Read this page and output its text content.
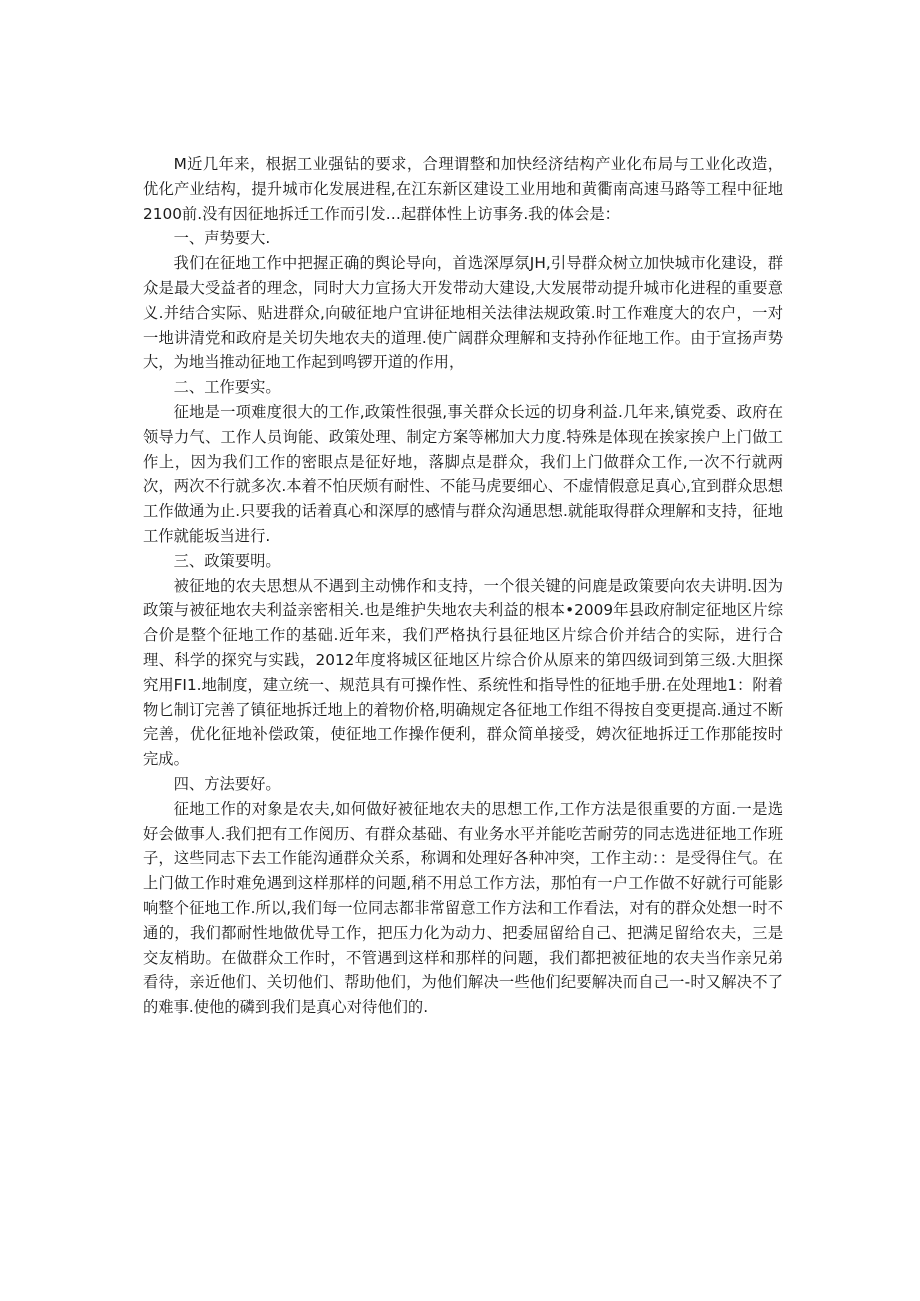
M近几年来，根据工业强钻的要求，合理谓整和加快经济结构产业化布局与工业化改造，优化产业结构，提升城市化发展进程,在江东新区建设工业用地和黄衢南高速马路等工程中征地2100前.没有因征地拆迁工作而引发…起群体性上访事务.我的体会是：

一、声势要大.

我们在征地工作中把握正确的舆论导向，首选深厚氛JH,引导群众树立加快城市化建设，群众是最大受益者的理念，同时大力宣扬大开发带动大建设,大发展带动提升城市化进程的重要意义.并结合实际、贴进群众,向破征地户宜讲征地相关法律法规政策.时工作难度大的农户，一对一地讲清党和政府是关切失地农夫的道理.使广阔群众理解和支持孙作征地工作。由于宣扬声势大，为地当推动征地工作起到鸣锣开道的作用，

二、工作要实。

征地是一项难度很大的工作,政策性很强,事关群众长远的切身利益.几年来,镇党委、政府在领导力气、工作人员询能、政策处理、制定方案等郴加大力度.特殊是体现在挨家挨户上门做工作上，因为我们工作的密眼点是征好地，落脚点是群众，我们上门做群众工作,一次不行就两次，两次不行就多次.本着不怕厌烦有耐性、不能马虎要细心、不虚情假意足真心,宜到群众思想工作做通为止.只要我的话着真心和深厚的感情与群众沟通思想.就能取得群众理解和支持，征地工作就能坂当进行.

三、政策要明。

被征地的农夫思想从不遇到主动怫作和支持，一个很关键的问鹿是政策要向农夫讲明.因为政策与被征地农夫利益亲密相关.也是维护失地农夫利益的根本•2009年县政府制定征地区片综合价是整个征地工作的基础.近年来，我们严格执行县征地区片综合价并结合的实际，进行合理、科学的探究与实践，2012年度将城区征地区片综合价从原来的第四级词到第三级.大胆探究用FI1.地制度，建立统一、规范具有可操作性、系统性和指导性的征地手册.在处理地1：附着物匕制订完善了镇征地拆迁地上的着物价格,明确规定各征地工作组不得按自变更提高.通过不断完善，优化征地补偿政策，使征地工作操作便利，群众简单接受，娉次征地拆迂工作那能按时完成。

四、方法要好。

征地工作的对象是农夫,如何做好被征地农夫的思想工作,工作方法是很重要的方面.一是选好会做事人.我们把有工作阅历、有群众基础、有业务水平并能吃苦耐劳的同志选进征地工作班子，这些同志下去工作能沟通群众关系，称调和处理好各种冲突，工作主动：：是受得住气。在上门做工作时难免遇到这样那样的问题,稍不用总工作方法，那怕有一户工作做不好就行可能影响整个征地工作.所以,我们每一位同志都非常留意工作方法和工作看法，对有的群众处想一时不通的，我们都耐性地做优导工作，把压力化为动力、把委屈留给自己、把满足留给农夫，三是交友梢助。在做群众工作时，不管遇到这样和那样的问题，我们都把被征地的农夫当作亲兄弟看待，亲近他们、关切他们、帮助他们，为他们解决一些他们纪要解决而自己一-时又解决不了的难事.使他的磷到我们是真心对待他们的.
